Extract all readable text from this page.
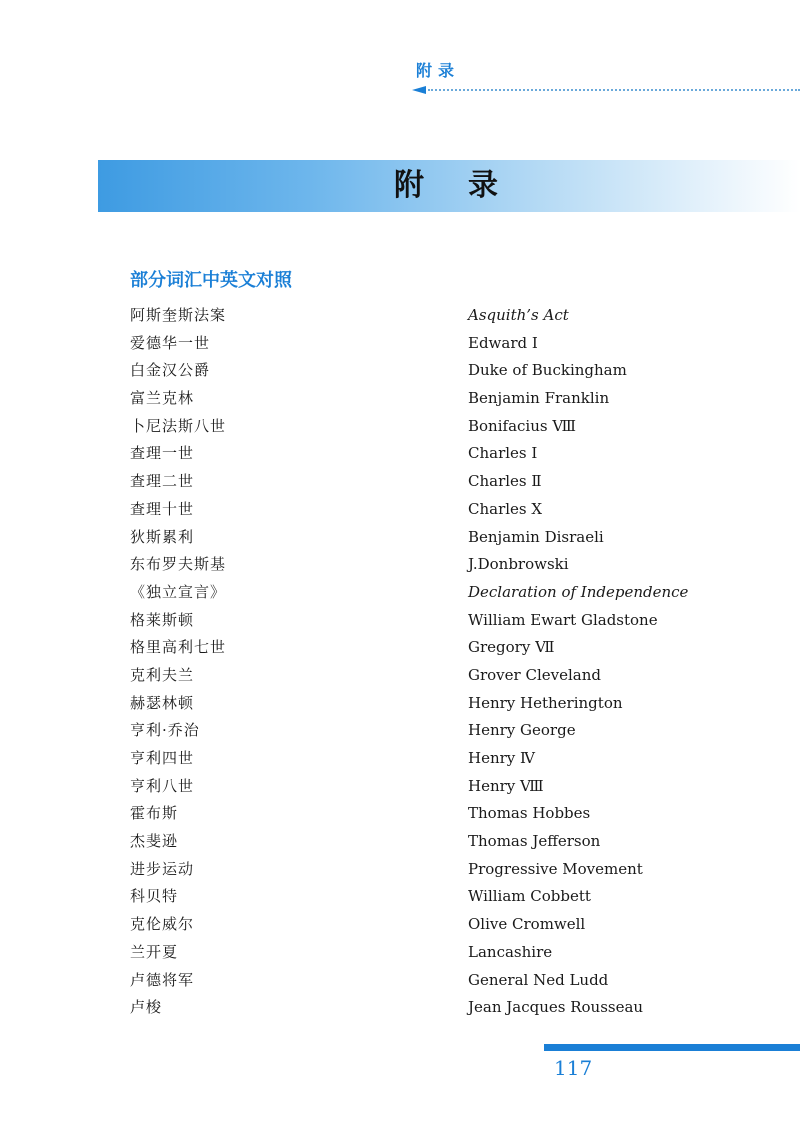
附录
附录
部分词汇中英文对照
阿斯奎斯法案	Asquith’s Act
爱德华一世	Edward Ⅰ
白金汉公爵	Duke of Buckingham
富兰克林	Benjamin Franklin
卜尼法斯八世	Bonifacius Ⅷ
查理一世	Charles Ⅰ
查理二世	Charles Ⅱ
查理十世	Charles Ⅹ
狄斯累利	Benjamin Disraeli
东布罗夫斯基	J.Donbrowski
《独立宣言》	Declaration of Independence
格莱斯顿	William Ewart Gladstone
格里高利七世	Gregory Ⅶ
克利夫兰	Grover Cleveland
赫瑟林顿	Henry Hetherington
亨利·乔治	Henry George
亨利四世	Henry Ⅳ
亨利八世	Henry Ⅷ
霍布斯	Thomas Hobbes
杰斐逊	Thomas Jefferson
进步运动	Progressive Movement
科贝特	William Cobbett
克伦威尔	Olive Cromwell
兰开夏	Lancashire
卢德将军	General Ned Ludd
卢梭	Jean Jacques Rousseau
117
